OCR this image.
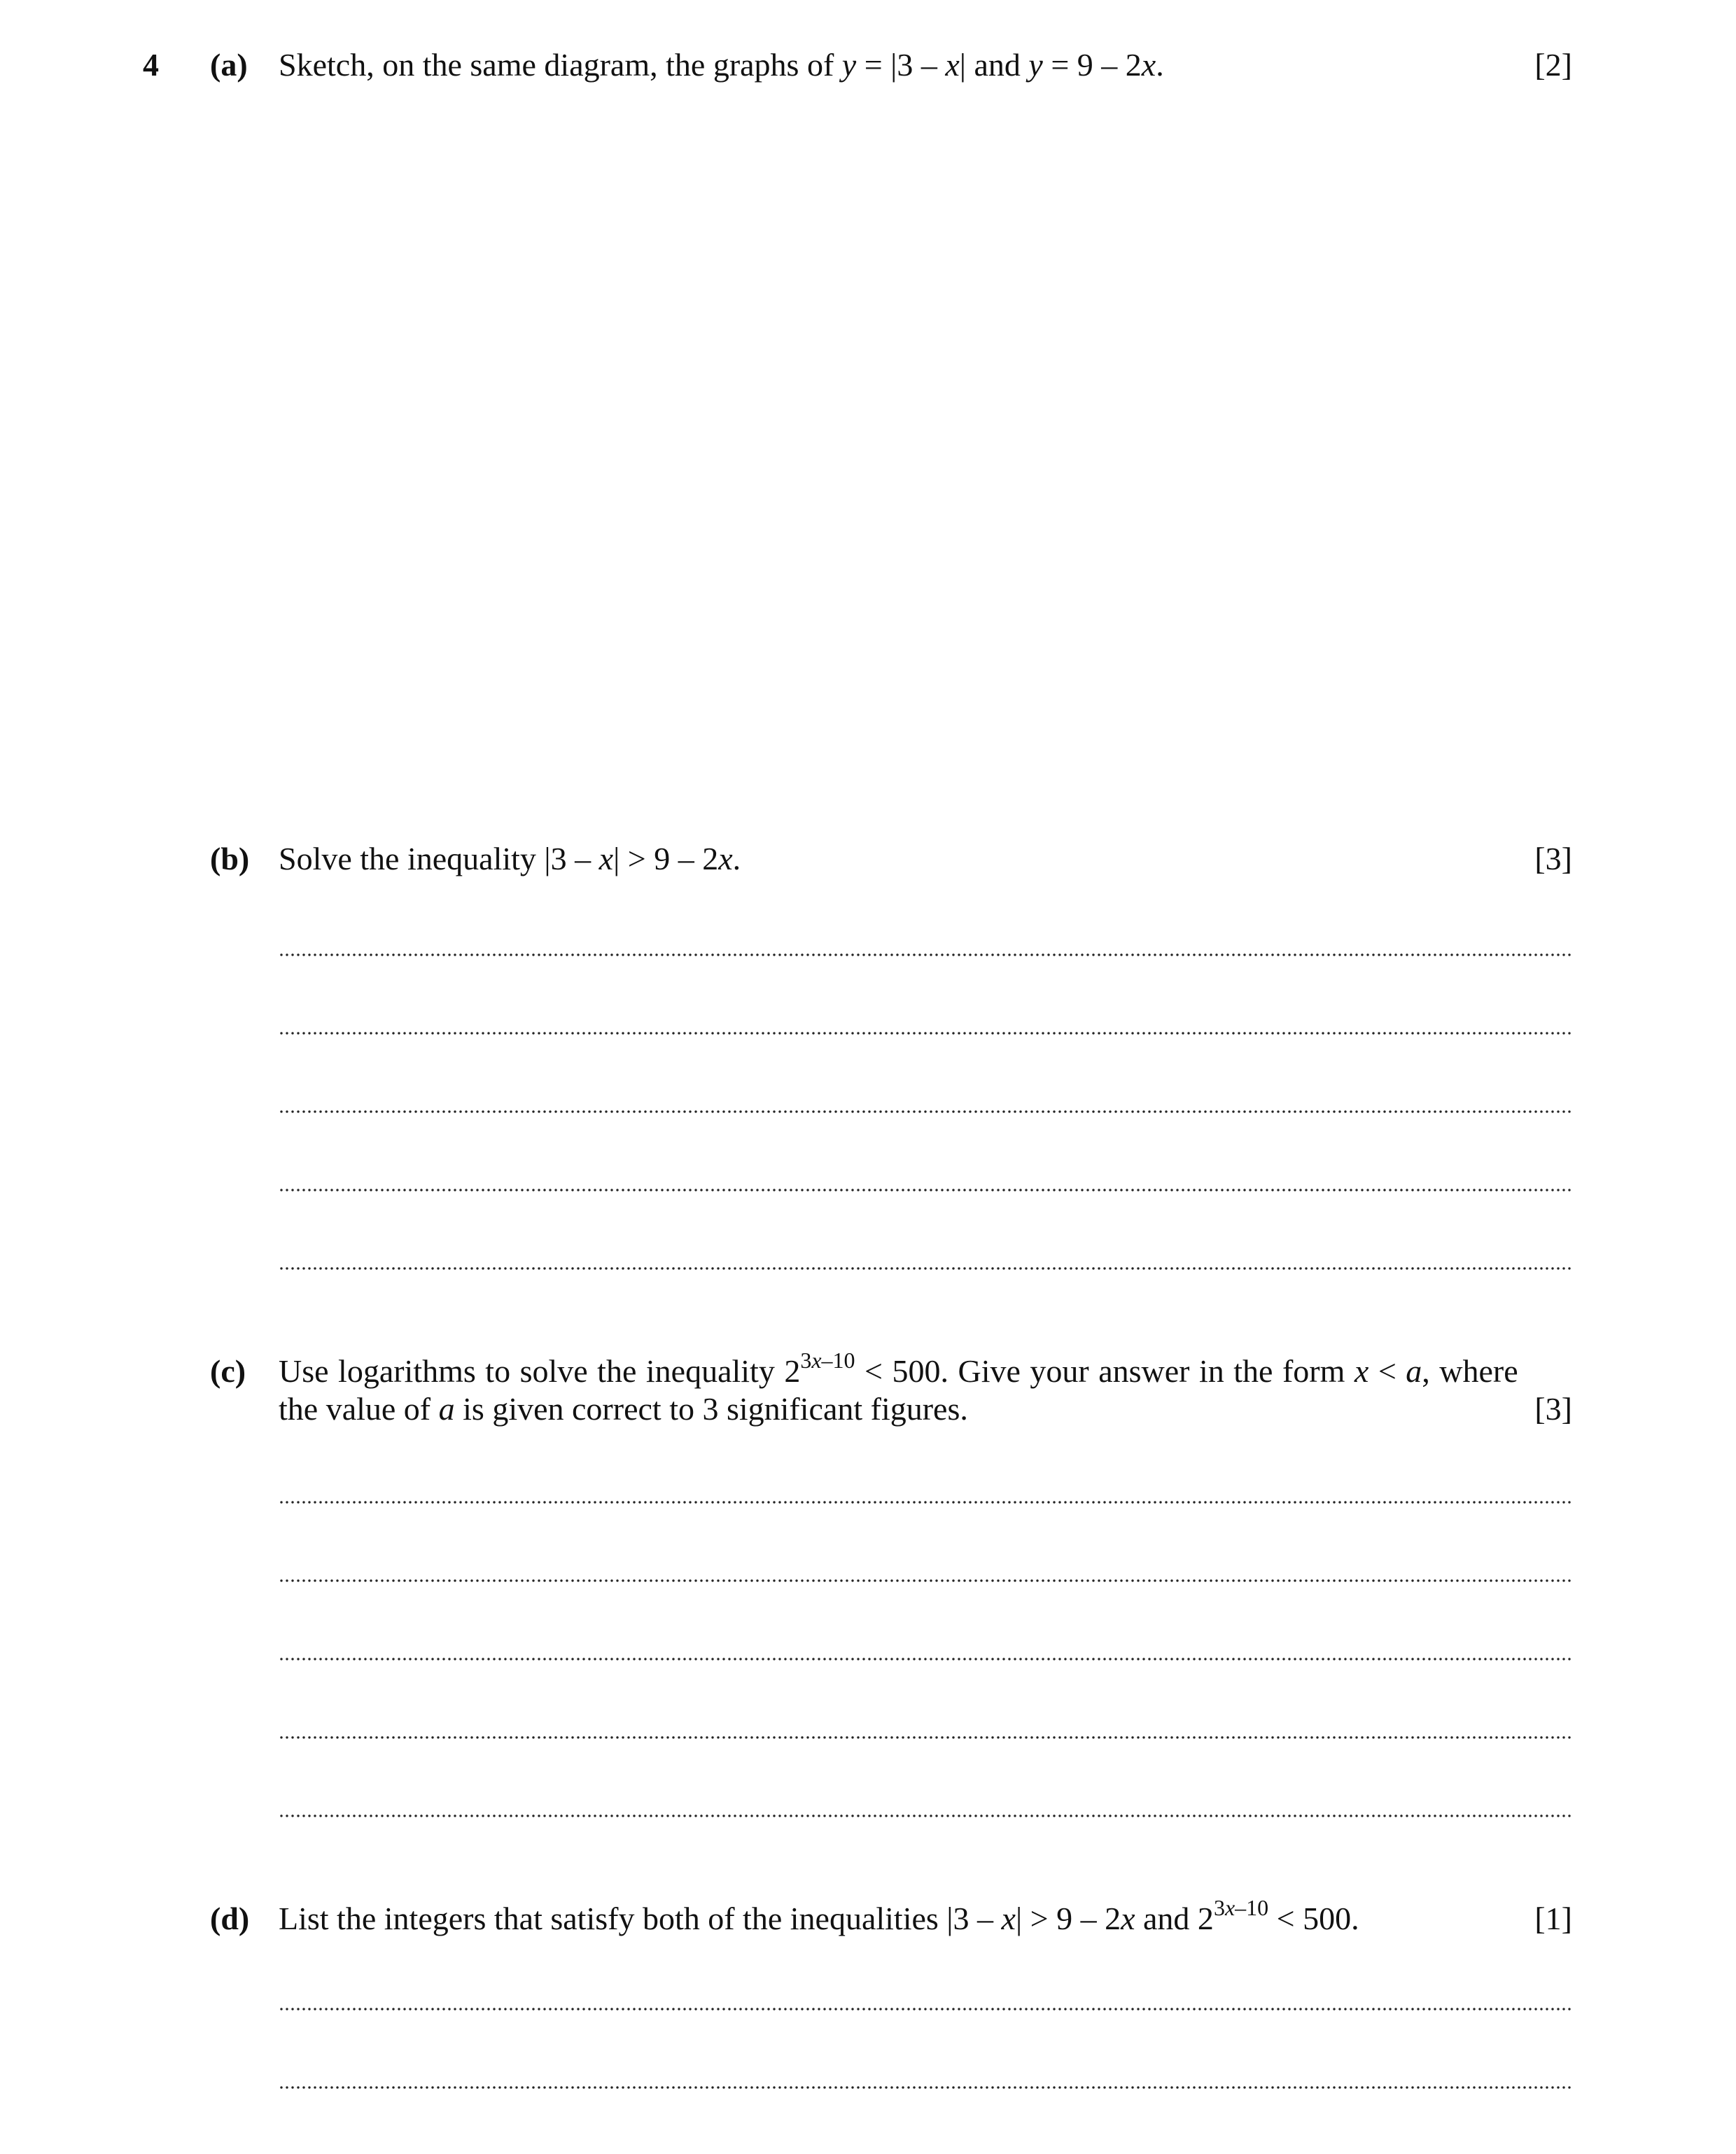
4 (a) Sketch, on the same diagram, the graphs of y = |3 – x| and y = 9 – 2x.	[2]
(b) Solve the inequality |3 – x| > 9 – 2x.	[3]
(c) Use logarithms to solve the inequality $2^{3x-10} < 500$. Give your answer in the form x < a, where
the value of a is given correct to 3 significant figures.	[3]
(d) List the integers that satisfy both of the inequalities |3 – x| > 9 – 2x and $2^{3x-10} < 500$.	[1]
